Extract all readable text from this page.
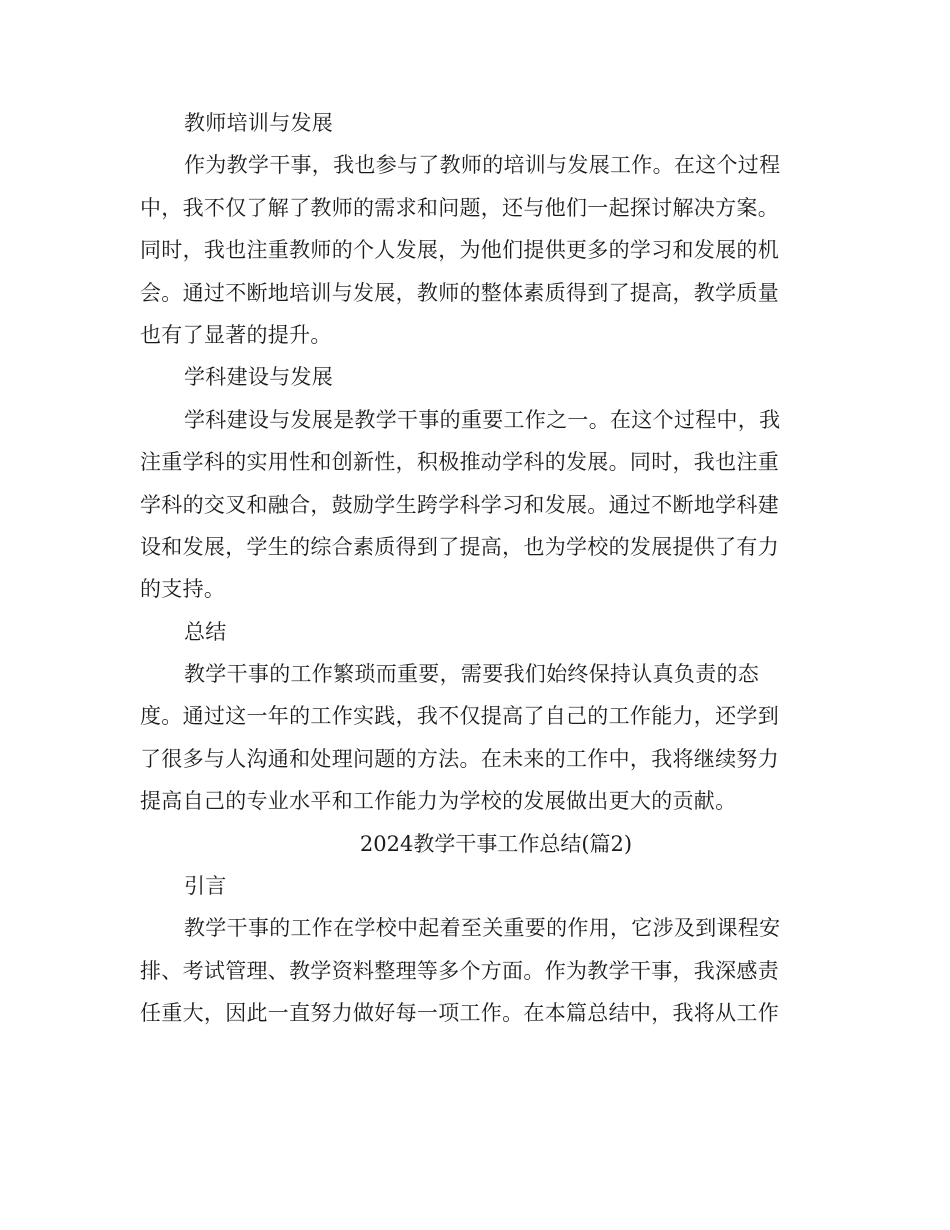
教师培训与发展
作为教学干事，我也参与了教师的培训与发展工作。在这个过程
中，我不仅了解了教师的需求和问题，还与他们一起探讨解决方案。
同时，我也注重教师的个人发展，为他们提供更多的学习和发展的机
会。通过不断地培训与发展，教师的整体素质得到了提高，教学质量
也有了显著的提升。
学科建设与发展
学科建设与发展是教学干事的重要工作之一。在这个过程中，我
注重学科的实用性和创新性，积极推动学科的发展。同时，我也注重
学科的交叉和融合，鼓励学生跨学科学习和发展。通过不断地学科建
设和发展，学生的综合素质得到了提高，也为学校的发展提供了有力
的支持。
总结
教学干事的工作繁琐而重要，需要我们始终保持认真负责的态
度。通过这一年的工作实践，我不仅提高了自己的工作能力，还学到
了很多与人沟通和处理问题的方法。在未来的工作中，我将继续努力
提高自己的专业水平和工作能力为学校的发展做出更大的贡献。
2024教学干事工作总结(篇2)
引言
教学干事的工作在学校中起着至关重要的作用，它涉及到课程安
排、考试管理、教学资料整理等多个方面。作为教学干事，我深感责
任重大，因此一直努力做好每一项工作。在本篇总结中，我将从工作
